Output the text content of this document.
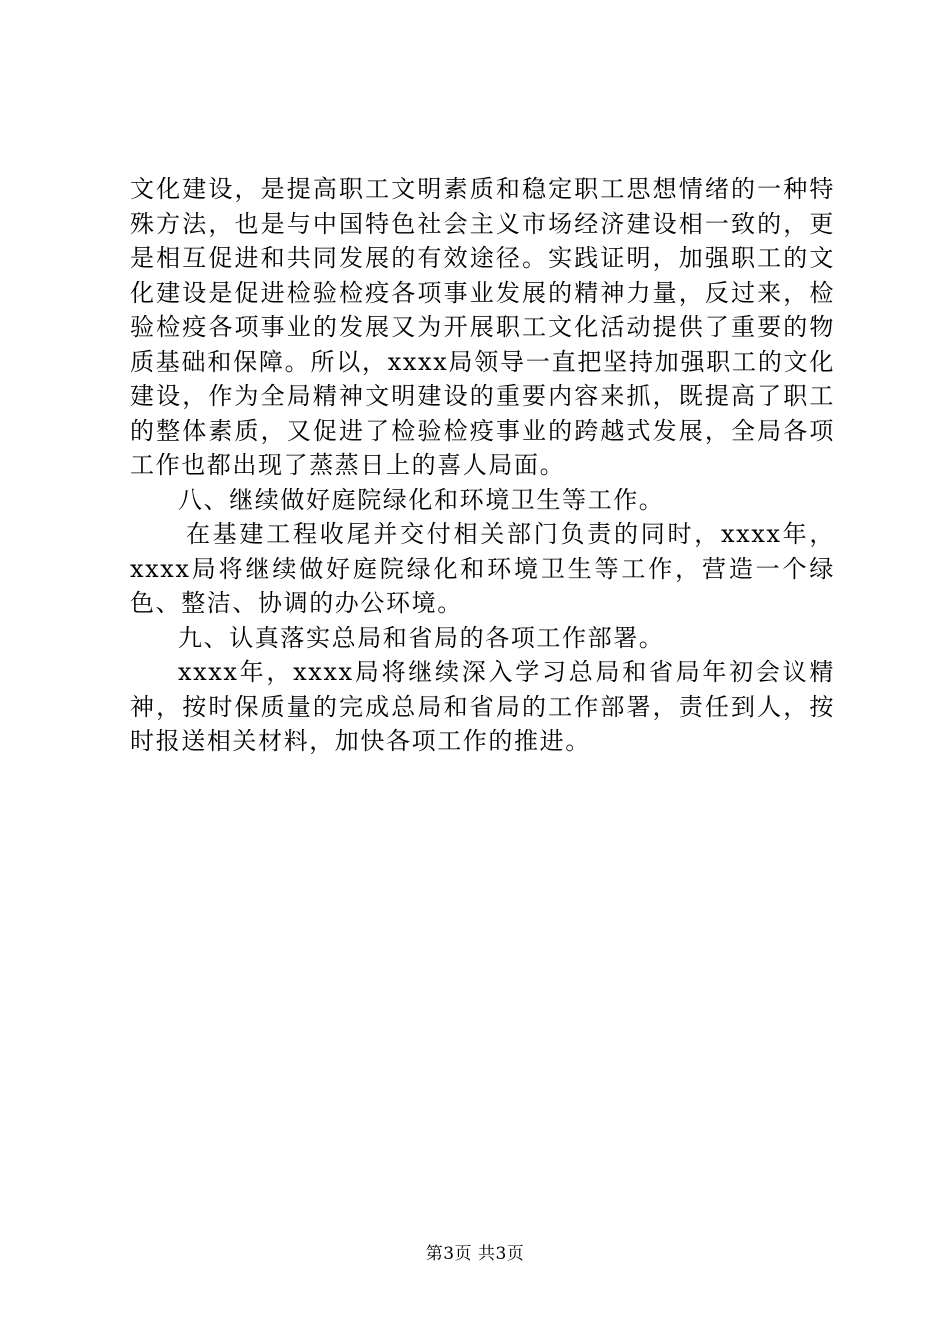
文化建设，是提高职工文明素质和稳定职工思想情绪的一种特殊方法，也是与中国特色社会主义市场经济建设相一致的，更是相互促进和共同发展的有效途径。实践证明，加强职工的文化建设是促进检验检疫各项事业发展的精神力量，反过来，检验检疫各项事业的发展又为开展职工文化活动提供了重要的物质基础和保障。所以，xxxx局领导一直把坚持加强职工的文化建设，作为全局精神文明建设的重要内容来抓，既提高了职工的整体素质，又促进了检验检疫事业的跨越式发展，全局各项工作也都出现了蒸蒸日上的喜人局面。

八、继续做好庭院绿化和环境卫生等工作。

在基建工程收尾并交付相关部门负责的同时，xxxx年，xxxx局将继续做好庭院绿化和环境卫生等工作，营造一个绿色、整洁、协调的办公环境。

九、认真落实总局和省局的各项工作部署。

xxxx年，xxxx局将继续深入学习总局和省局年初会议精神，按时保质量的完成总局和省局的工作部署，责任到人，按时报送相关材料，加快各项工作的推进。

第3页 共3页
